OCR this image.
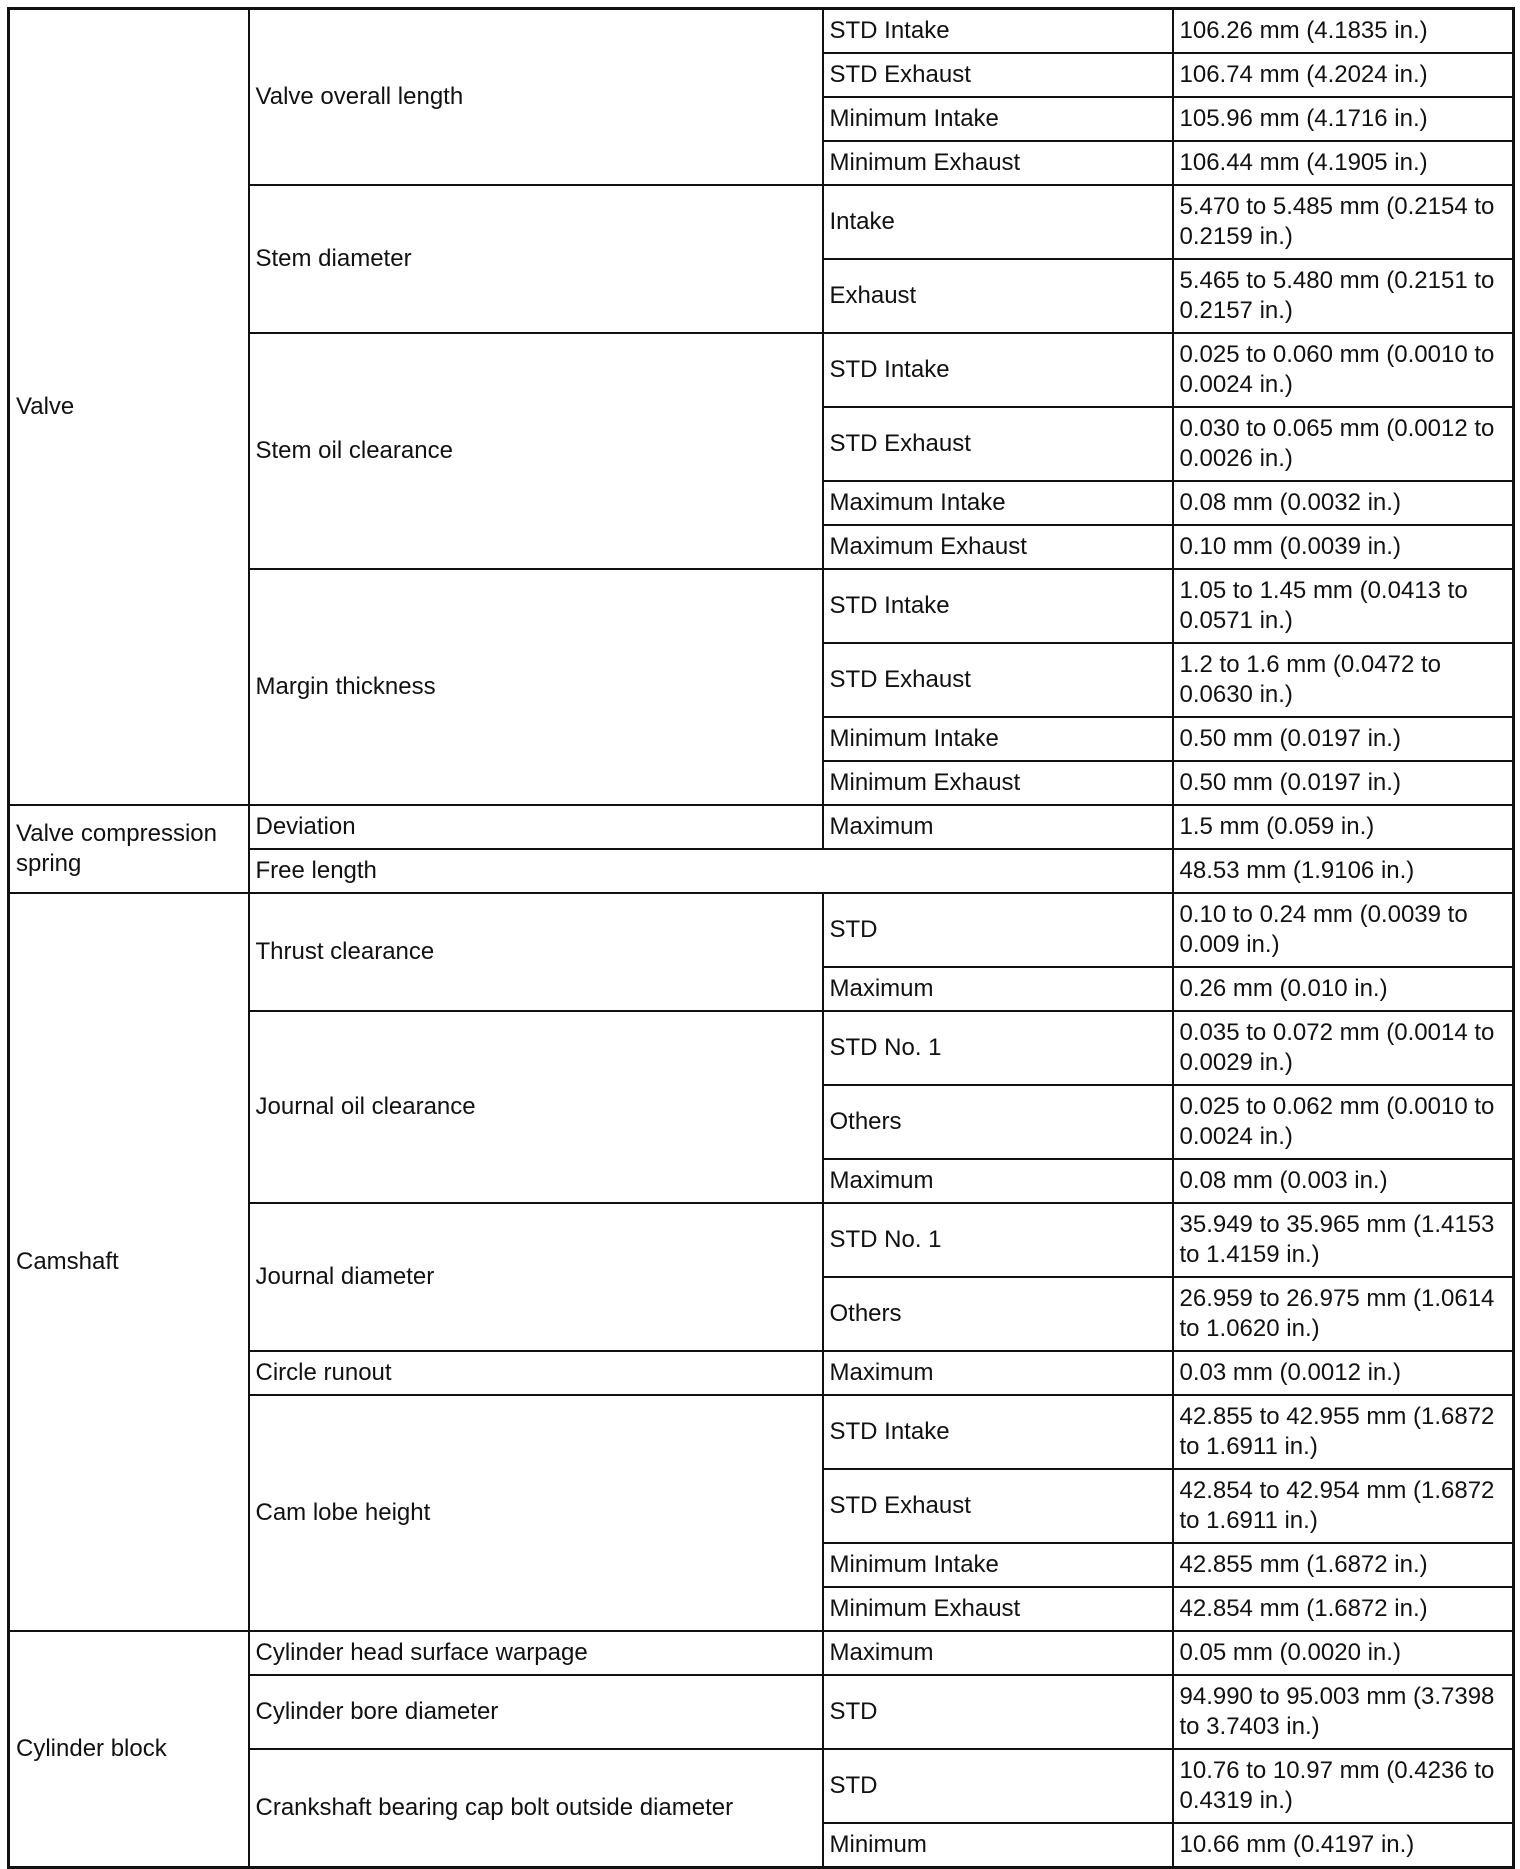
Valve	Valve overall length	STD Intake	106.26 mm (4.1835 in.)
		STD Exhaust	106.74 mm (4.2024 in.)
		Minimum Intake	105.96 mm (4.1716 in.)
		Minimum Exhaust	106.44 mm (4.1905 in.)
	Stem diameter	Intake	5.470 to 5.485 mm (0.2154 to 0.2159 in.)
		Exhaust	5.465 to 5.480 mm (0.2151 to 0.2157 in.)
	Stem oil clearance	STD Intake	0.025 to 0.060 mm (0.0010 to 0.0024 in.)
		STD Exhaust	0.030 to 0.065 mm (0.0012 to 0.0026 in.)
		Maximum Intake	0.08 mm (0.0032 in.)
		Maximum Exhaust	0.10 mm (0.0039 in.)
	Margin thickness	STD Intake	1.05 to 1.45 mm (0.0413 to 0.0571 in.)
		STD Exhaust	1.2 to 1.6 mm (0.0472 to 0.0630 in.)
		Minimum Intake	0.50 mm (0.0197 in.)
		Minimum Exhaust	0.50 mm (0.0197 in.)
Valve compression spring	Deviation	Maximum	1.5 mm (0.059 in.)
	Free length		48.53 mm (1.9106 in.)
Camshaft	Thrust clearance	STD	0.10 to 0.24 mm (0.0039 to 0.009 in.)
		Maximum	0.26 mm (0.010 in.)
	Journal oil clearance	STD No. 1	0.035 to 0.072 mm (0.0014 to 0.0029 in.)
		Others	0.025 to 0.062 mm (0.0010 to 0.0024 in.)
		Maximum	0.08 mm (0.003 in.)
	Journal diameter	STD No. 1	35.949 to 35.965 mm (1.4153 to 1.4159 in.)
		Others	26.959 to 26.975 mm (1.0614 to 1.0620 in.)
	Circle runout	Maximum	0.03 mm (0.0012 in.)
	Cam lobe height	STD Intake	42.855 to 42.955 mm (1.6872 to 1.6911 in.)
		STD Exhaust	42.854 to 42.954 mm (1.6872 to 1.6911 in.)
		Minimum Intake	42.855 mm (1.6872 in.)
		Minimum Exhaust	42.854 mm (1.6872 in.)
Cylinder block	Cylinder head surface warpage	Maximum	0.05 mm (0.0020 in.)
	Cylinder bore diameter	STD	94.990 to 95.003 mm (3.7398 to 3.7403 in.)
	Crankshaft bearing cap bolt outside diameter	STD	10.76 to 10.97 mm (0.4236 to 0.4319 in.)
		Minimum	10.66 mm (0.4197 in.)
